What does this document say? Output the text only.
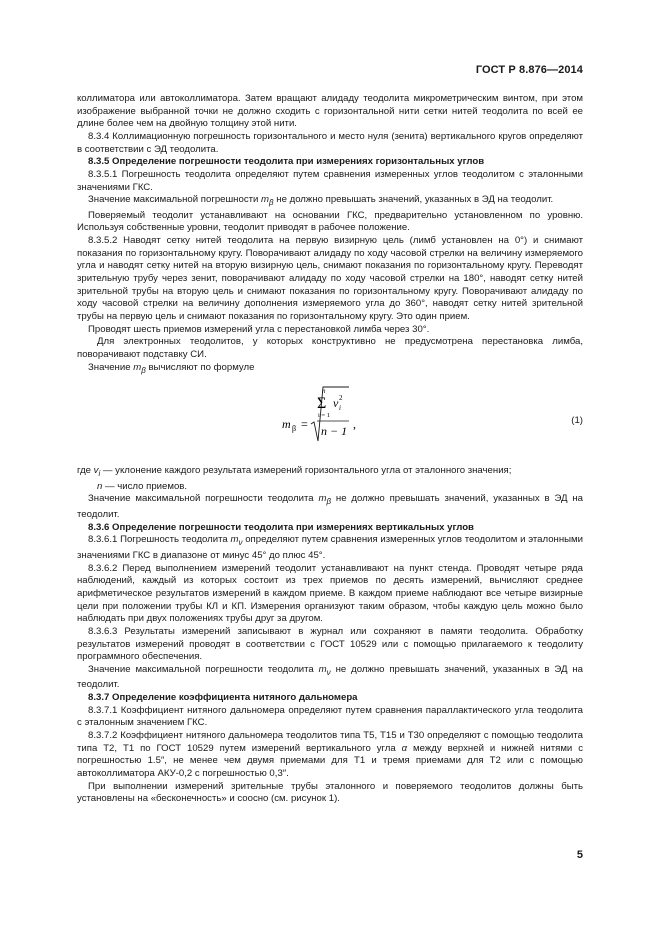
ГОСТ Р 8.876—2014

коллиматора или автоколлиматора. Затем вращают алидаду теодолита микрометрическим винтом, при этом изображение выбранной точки не должно сходить с горизонтальной нити сетки нитей теодолита по всей ее длине более чем на двойную толщину этой нити.

8.3.4 Коллимационную погрешность горизонтального и место нуля (зенита) вертикального кругов определяют в соответствии с ЭД теодолита.

8.3.5 Определение погрешности теодолита при измерениях горизонтальных углов

8.3.5.1 Погрешность теодолита определяют путем сравнения измеренных углов теодолитом с эталонными значениями ГКС.

Значение максимальной погрешности $m_\beta$ не должно превышать значений, указанных в ЭД на теодолит.

Поверяемый теодолит устанавливают на основании ГКС, предварительно установленном по уровню. Используя собственные уровни, теодолит приводят в рабочее положение.

8.3.5.2 Наводят сетку нитей теодолита на первую визирную цель (лимб установлен на 0°) и снимают показания по горизонтальному кругу. Поворачивают алидаду по ходу часовой стрелки на величину измеряемого угла и наводят сетку нитей на вторую визирную цель, снимают показания по горизонтальному кругу. Переводят зрительную трубу через зенит, поворачивают алидаду по ходу часовой стрелки на 180°, наводят сетку нитей зрительной трубы на вторую цель и снимают показания по горизонтальному кругу. Поворачивают алидаду по ходу часовой стрелки на величину дополнения измеряемого угла до 360°, наводят сетку нитей зрительной трубы на первую цель и снимают показания по горизонтальному кругу. Это один прием.

Проводят шесть приемов измерений угла с перестановкой лимба через 30°.

Для электронных теодолитов, у которых конструктивно не предусмотрена перестановка лимба, поворачивают подставку СИ.

Значение $m_\beta$ вычисляют по формуле

m β =
n
Σ v i
2
i = 1
n − 1 ,	(1)

где $v_i$ — уклонение каждого результата измерений горизонтального угла от эталонного значения;

n — число приемов.

Значение максимальной погрешности теодолита $m_\beta$ не должно превышать значений, указанных в ЭД на теодолит.

8.3.6 Определение погрешности теодолита при измерениях вертикальных углов

8.3.6.1 Погрешность теодолита $m_\nu$ определяют путем сравнения измеренных углов теодолитом и эталонными значениями ГКС в диапазоне от минус 45° до плюс 45°.

8.3.6.2 Перед выполнением измерений теодолит устанавливают на пункт стенда. Проводят четыре ряда наблюдений, каждый из которых состоит из трех приемов по десять измерений, вычисляют среднее арифметическое результатов измерений в каждом приеме. В каждом приеме наблюдают все четыре визирные цели при положении трубы КЛ и КП. Измерения организуют таким образом, чтобы каждую цель можно было наблюдать при двух положениях трубы друг за другом.

8.3.6.3 Результаты измерений записывают в журнал или сохраняют в памяти теодолита. Обработку результатов измерений проводят в соответствии с ГОСТ 10529 или с помощью прилагаемого к теодолиту программного обеспечения.

Значение максимальной погрешности теодолита $m_\nu$ не должно превышать значений, указанных в ЭД на теодолит.

8.3.7 Определение коэффициента нитяного дальномера

8.3.7.1 Коэффициент нитяного дальномера определяют путем сравнения параллактического угла теодолита с эталонным значением ГКС.

8.3.7.2 Коэффициент нитяного дальномера теодолитов типа Т5, Т15 и Т30 определяют с помощью теодолита типа Т2, Т1 по ГОСТ 10529 путем измерений вертикального угла α между верхней и нижней нитями с погрешностью 1.5″, не менее чем двумя приемами для Т1 и тремя приемами для Т2 или с помощью автоколлиматора АКУ-0,2 с погрешностью 0,3″.

При выполнении измерений зрительные трубы эталонного и поверяемого теодолитов должны быть установлены на «бесконечность» и соосно (см. рисунок 1).

5
